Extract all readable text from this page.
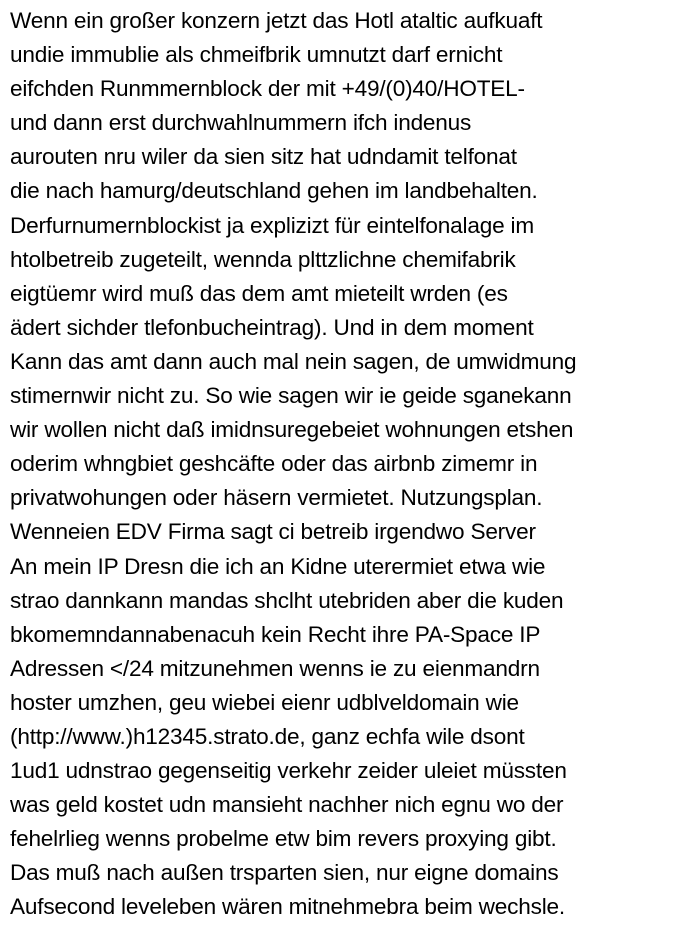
Wenn ein großer konzern jetzt das Hotl ataltic aufkuaft
undie immublie als chmeifbrik umnutzt darf ernicht
eifchden Runmmernblock der mit +49/(0)40/HOTEL-
und dann erst durchwahlnummern ifch indenus
aurouten nru wiler da sien sitz hat udndamit telfonat
die nach hamurg/deutschland gehen im landbehalten.
Derfurnumernblockist ja explizizt für eintelfonalage im
htolbetreib zugeteilt, wennda plttzlichne chemifabrik
eigtüemr wird muß das dem amt mieteilt wrden (es
ädert sichder tlefonbucheintrag). Und in dem moment
Kann das amt dann auch mal nein sagen, de umwidmung
stimernwir nicht zu. So wie sagen wir ie geide sganekann
wir wollen nicht daß imidnsuregebeiet wohnungen etshen
oderim whngbiet geshcäfte oder das airbnb zimemr in
privatwohungen oder häsern vermietet. Nutzungsplan.
Wenneien EDV Firma sagt ci betreib irgendwo Server
An mein IP Dresn die ich an Kidne uterermiet etwa wie
strao dannkann mandas shclht utebriden aber die kuden
bkomemndannabenacuh kein Recht ihre PA-Space IP
Adressen </24 mitzunehmen wenns ie zu eienmandrn
hoster umzhen, geu wiebei eienr udblveldomain wie
(http://www.)h12345.strato.de, ganz echfa wile dsont
1ud1 udnstrao gegenseitig verkehr zeider uleiet müssten
was geld kostet udn mansieht nachher nich egnu wo der
fehelrlieg wenns probelme etw bim revers proxying gibt.
Das muß nach außen trsparten sien, nur eigne domains
Aufsecond leveleben wären mitnehmebra beim wechsle.
